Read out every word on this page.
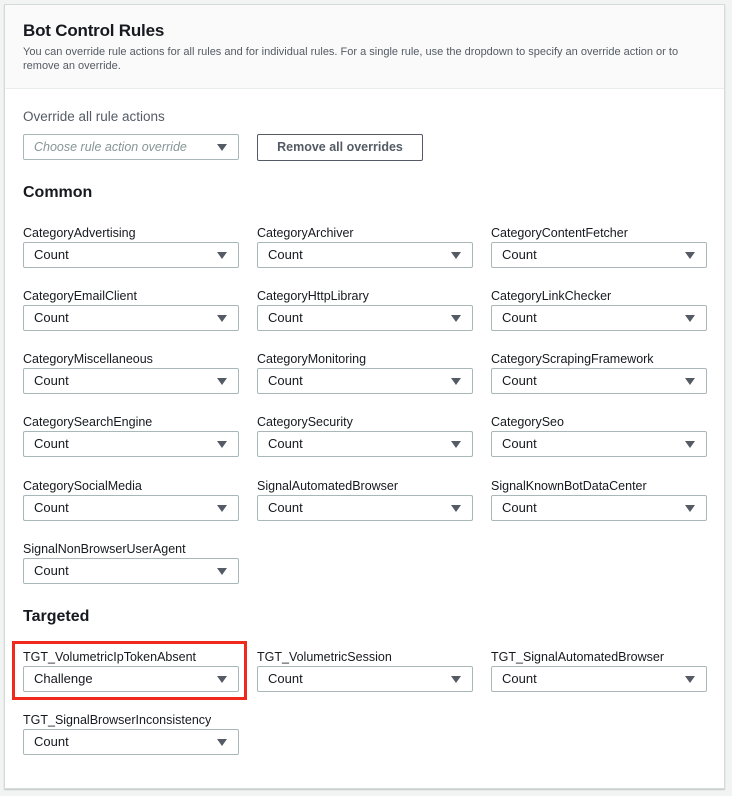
Bot Control Rules
You can override rule actions for all rules and for individual rules. For a single rule, use the dropdown to specify an override action or to remove an override.
Override all rule actions
Choose rule action override	Remove all overrides
Common
CategoryAdvertising
Count
CategoryArchiver
Count
CategoryContentFetcher
Count
CategoryEmailClient
Count
CategoryHttpLibrary
Count
CategoryLinkChecker
Count
CategoryMiscellaneous
Count
CategoryMonitoring
Count
CategoryScrapingFramework
Count
CategorySearchEngine
Count
CategorySecurity
Count
CategorySeo
Count
CategorySocialMedia
Count
SignalAutomatedBrowser
Count
SignalKnownBotDataCenter
Count
SignalNonBrowserUserAgent
Count
Targeted
TGT_VolumetricIpTokenAbsent
Challenge
TGT_VolumetricSession
Count
TGT_SignalAutomatedBrowser
Count
TGT_SignalBrowserInconsistency
Count
